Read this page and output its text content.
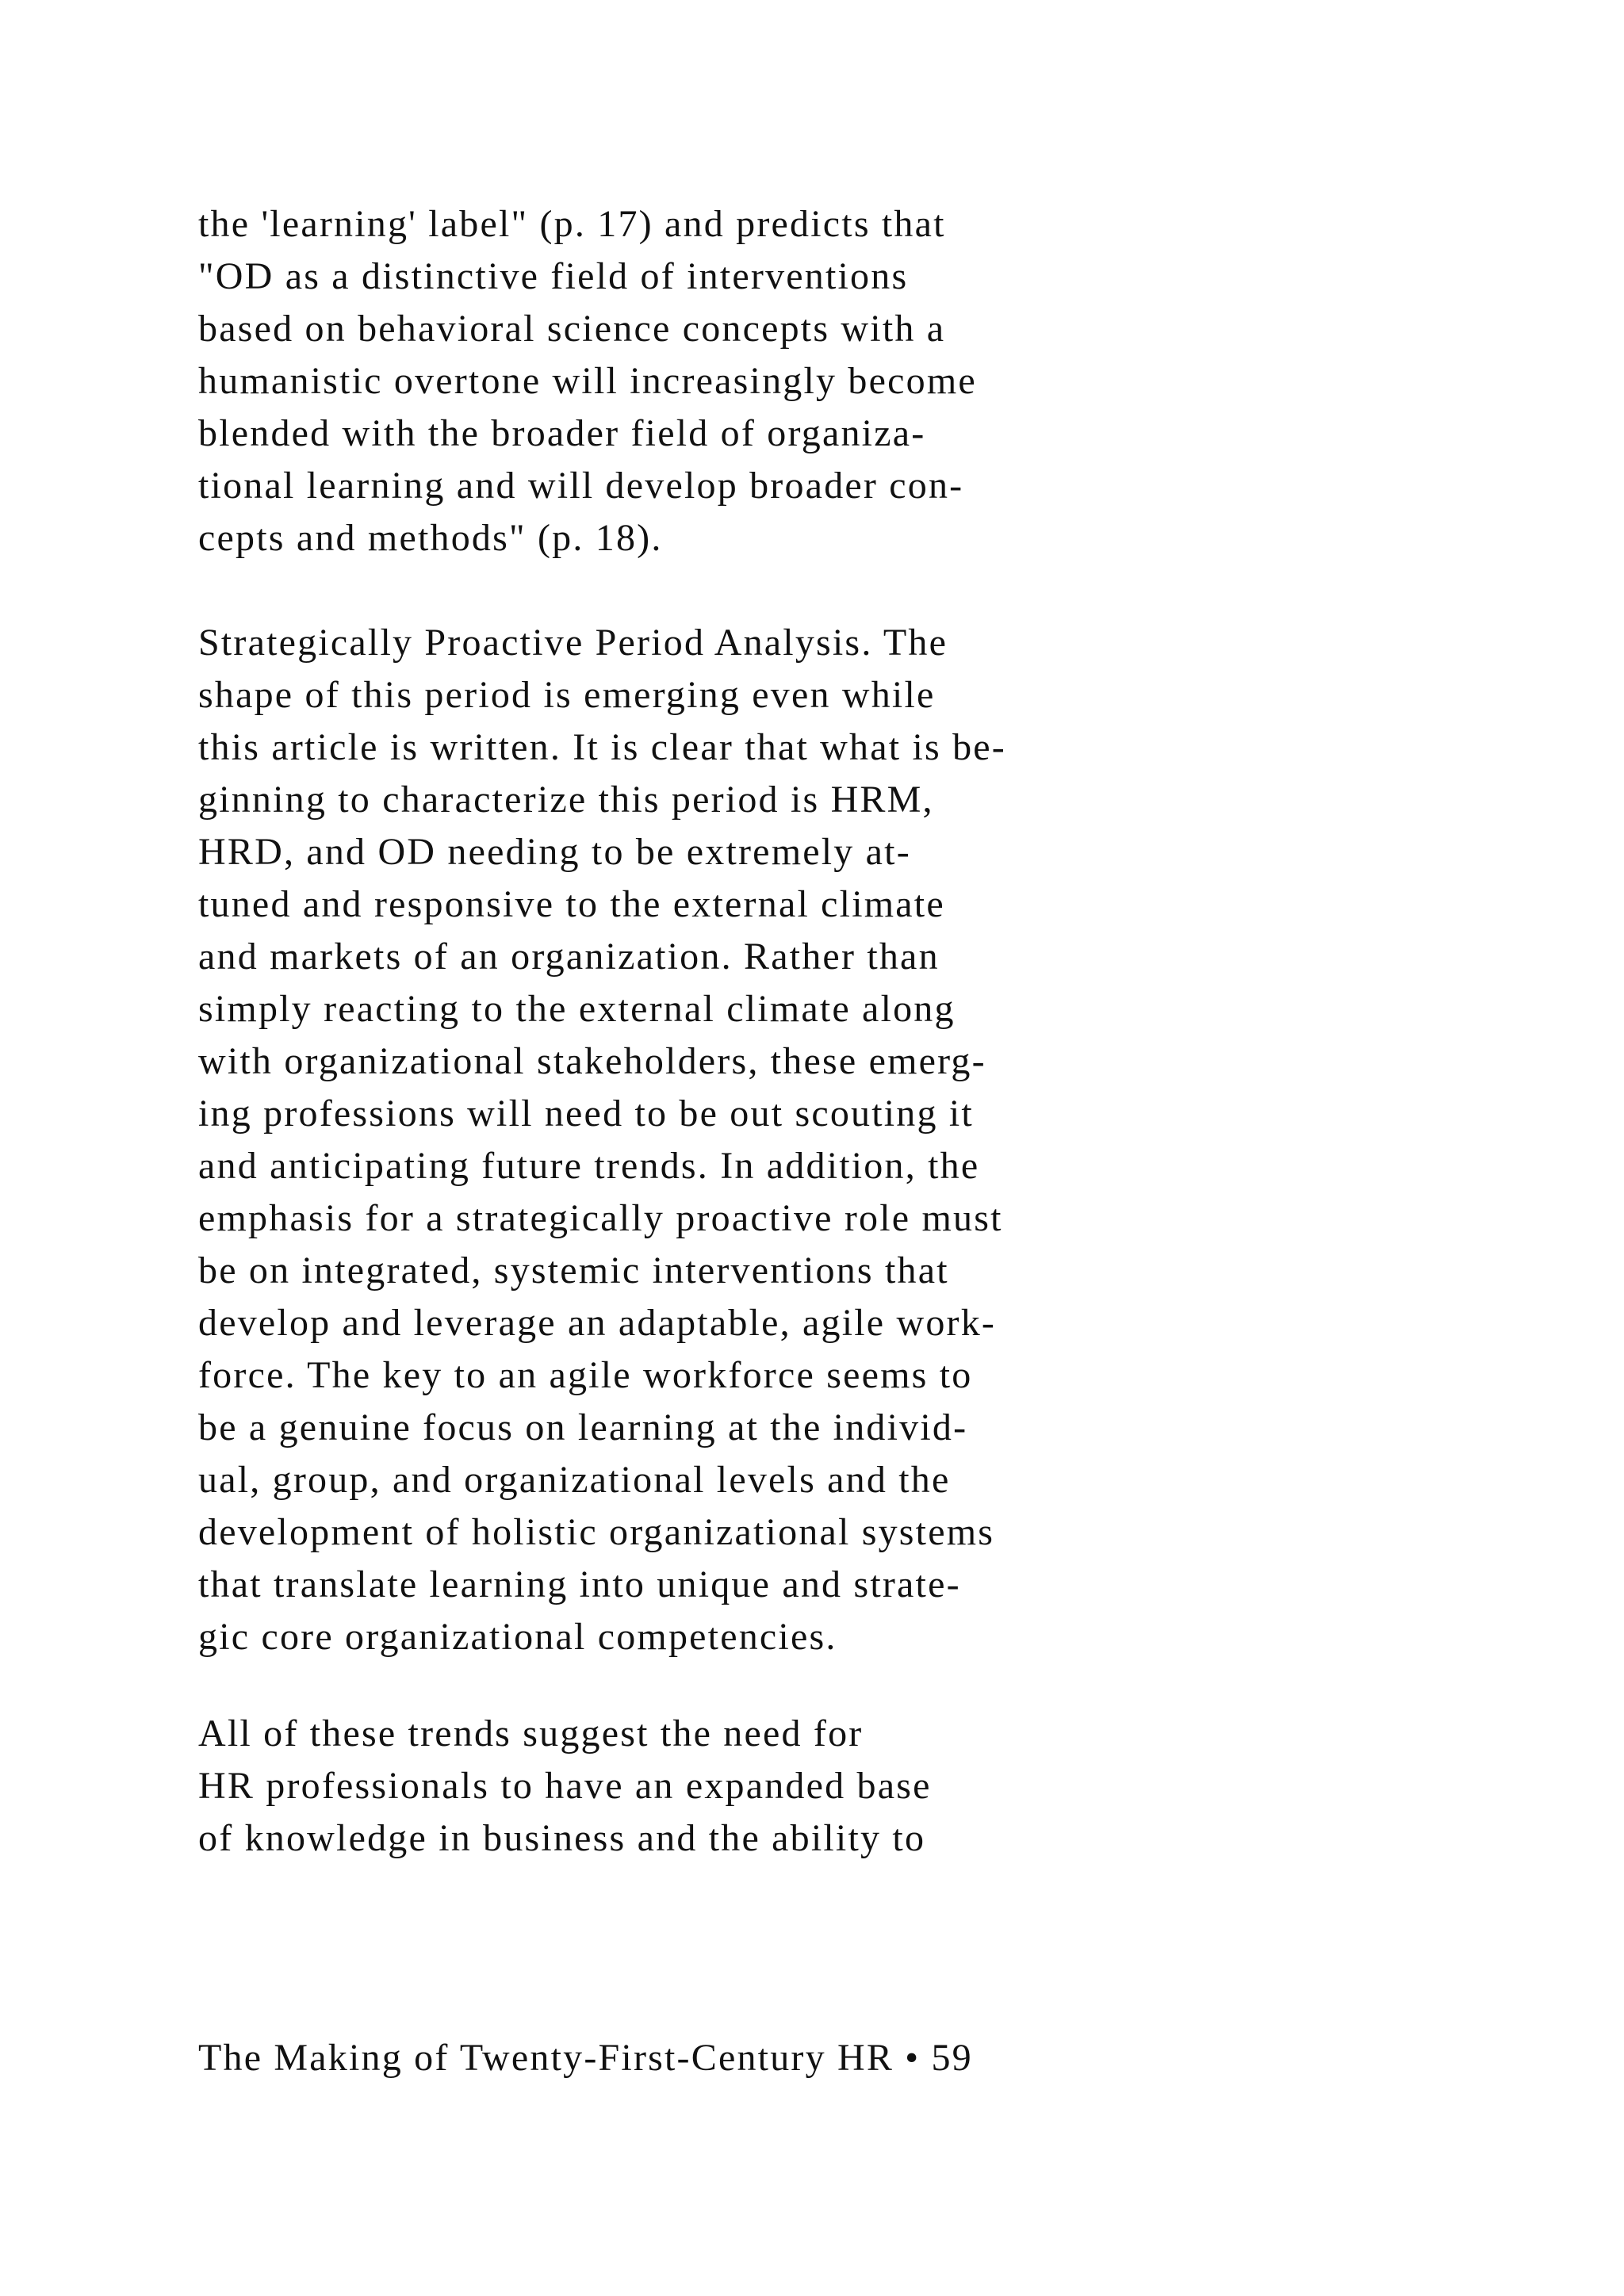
the 'learning' label" (p. 17) and predicts that
"OD as a distinctive field of interventions
based on behavioral science concepts with a
humanistic overtone will increasingly become
blended with the broader field of organiza-
tional learning and will develop broader con-
cepts and methods" (p. 18).
Strategically Proactive Period Analysis. The
shape of this period is emerging even while
this article is written. It is clear that what is be-
ginning to characterize this period is HRM,
HRD, and OD needing to be extremely at-
tuned and responsive to the external climate
and markets of an organization. Rather than
simply reacting to the external climate along
with organizational stakeholders, these emerg-
ing professions will need to be out scouting it
and anticipating future trends. In addition, the
emphasis for a strategically proactive role must
be on integrated, systemic interventions that
develop and leverage an adaptable, agile work-
force. The key to an agile workforce seems to
be a genuine focus on learning at the individ-
ual, group, and organizational levels and the
development of holistic organizational systems
that translate learning into unique and strate-
gic core organizational competencies.
All of these trends suggest the need for
HR professionals to have an expanded base
of knowledge in business and the ability to
The Making of Twenty-First-Century HR • 59
